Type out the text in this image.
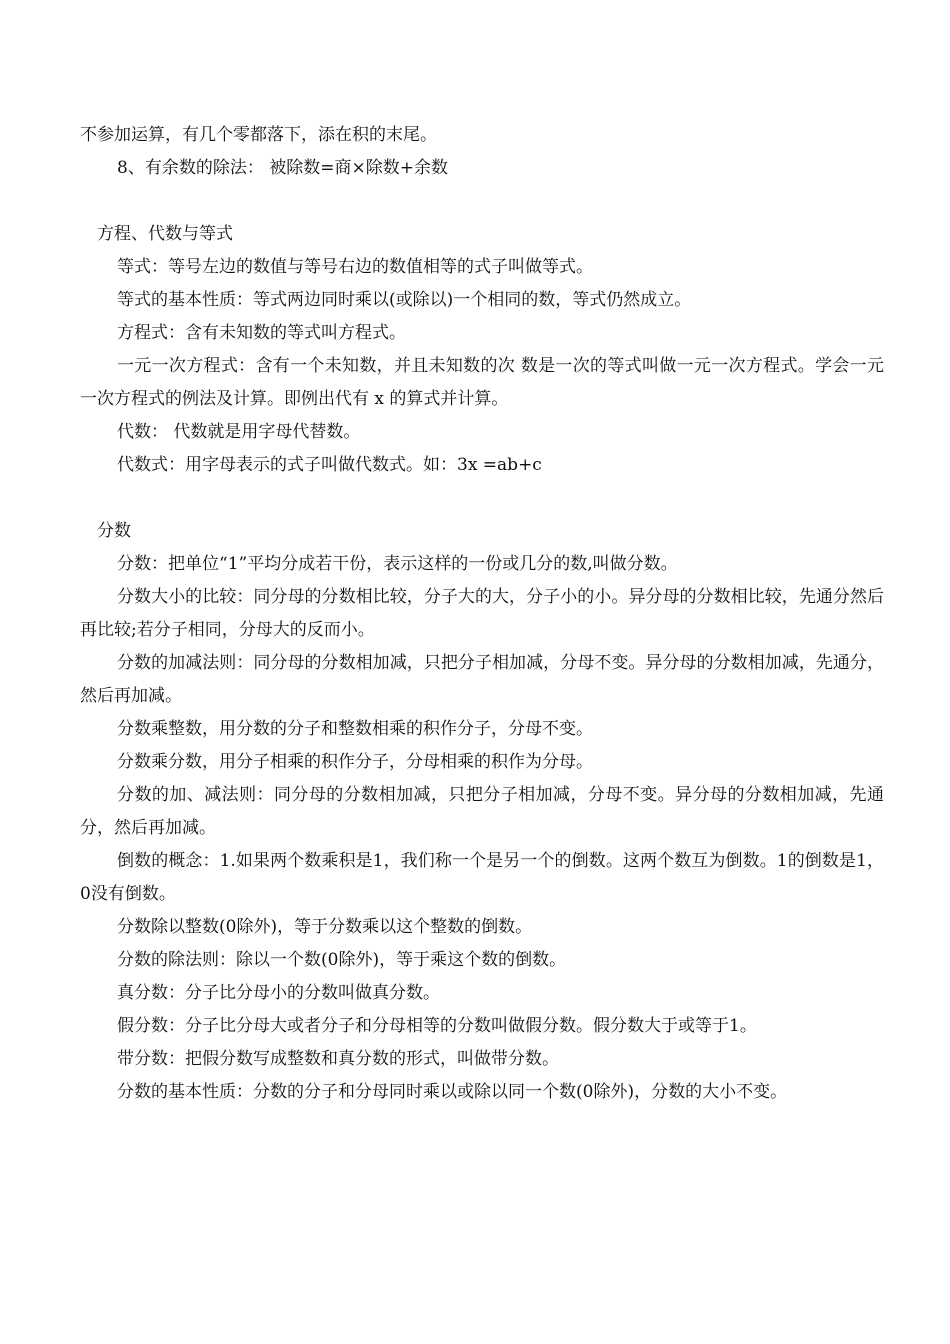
不参加运算，有几个零都落下，添在积的末尾。

8、有余数的除法： 被除数=商×除数+余数

方程、代数与等式

等式：等号左边的数值与等号右边的数值相等的式子叫做等式。

等式的基本性质：等式两边同时乘以(或除以)一个相同的数，等式仍然成立。

方程式：含有未知数的等式叫方程式。

一元一次方程式：含有一个未知数，并且未知数的次 数是一次的等式叫做一元一次方程式。学会一元一次方程式的例法及计算。即例出代有 x 的算式并计算。

代数： 代数就是用字母代替数。

代数式：用字母表示的式子叫做代数式。如：3x =ab+c

分数

分数：把单位“1”平均分成若干份，表示这样的一份或几分的数,叫做分数。

分数大小的比较：同分母的分数相比较，分子大的大，分子小的小。异分母的分数相比较，先通分然后再比较;若分子相同，分母大的反而小。

分数的加减法则：同分母的分数相加减，只把分子相加减，分母不变。异分母的分数相加减，先通分，然后再加减。

分数乘整数，用分数的分子和整数相乘的积作分子，分母不变。

分数乘分数，用分子相乘的积作分子，分母相乘的积作为分母。

分数的加、减法则：同分母的分数相加减，只把分子相加减，分母不变。异分母的分数相加减，先通分，然后再加减。

倒数的概念：1.如果两个数乘积是1，我们称一个是另一个的倒数。这两个数互为倒数。1的倒数是1，0没有倒数。

分数除以整数(0除外)，等于分数乘以这个整数的倒数。

分数的除法则：除以一个数(0除外)，等于乘这个数的倒数。

真分数：分子比分母小的分数叫做真分数。

假分数：分子比分母大或者分子和分母相等的分数叫做假分数。假分数大于或等于1。

带分数：把假分数写成整数和真分数的形式，叫做带分数。

分数的基本性质：分数的分子和分母同时乘以或除以同一个数(0除外)，分数的大小不变。
